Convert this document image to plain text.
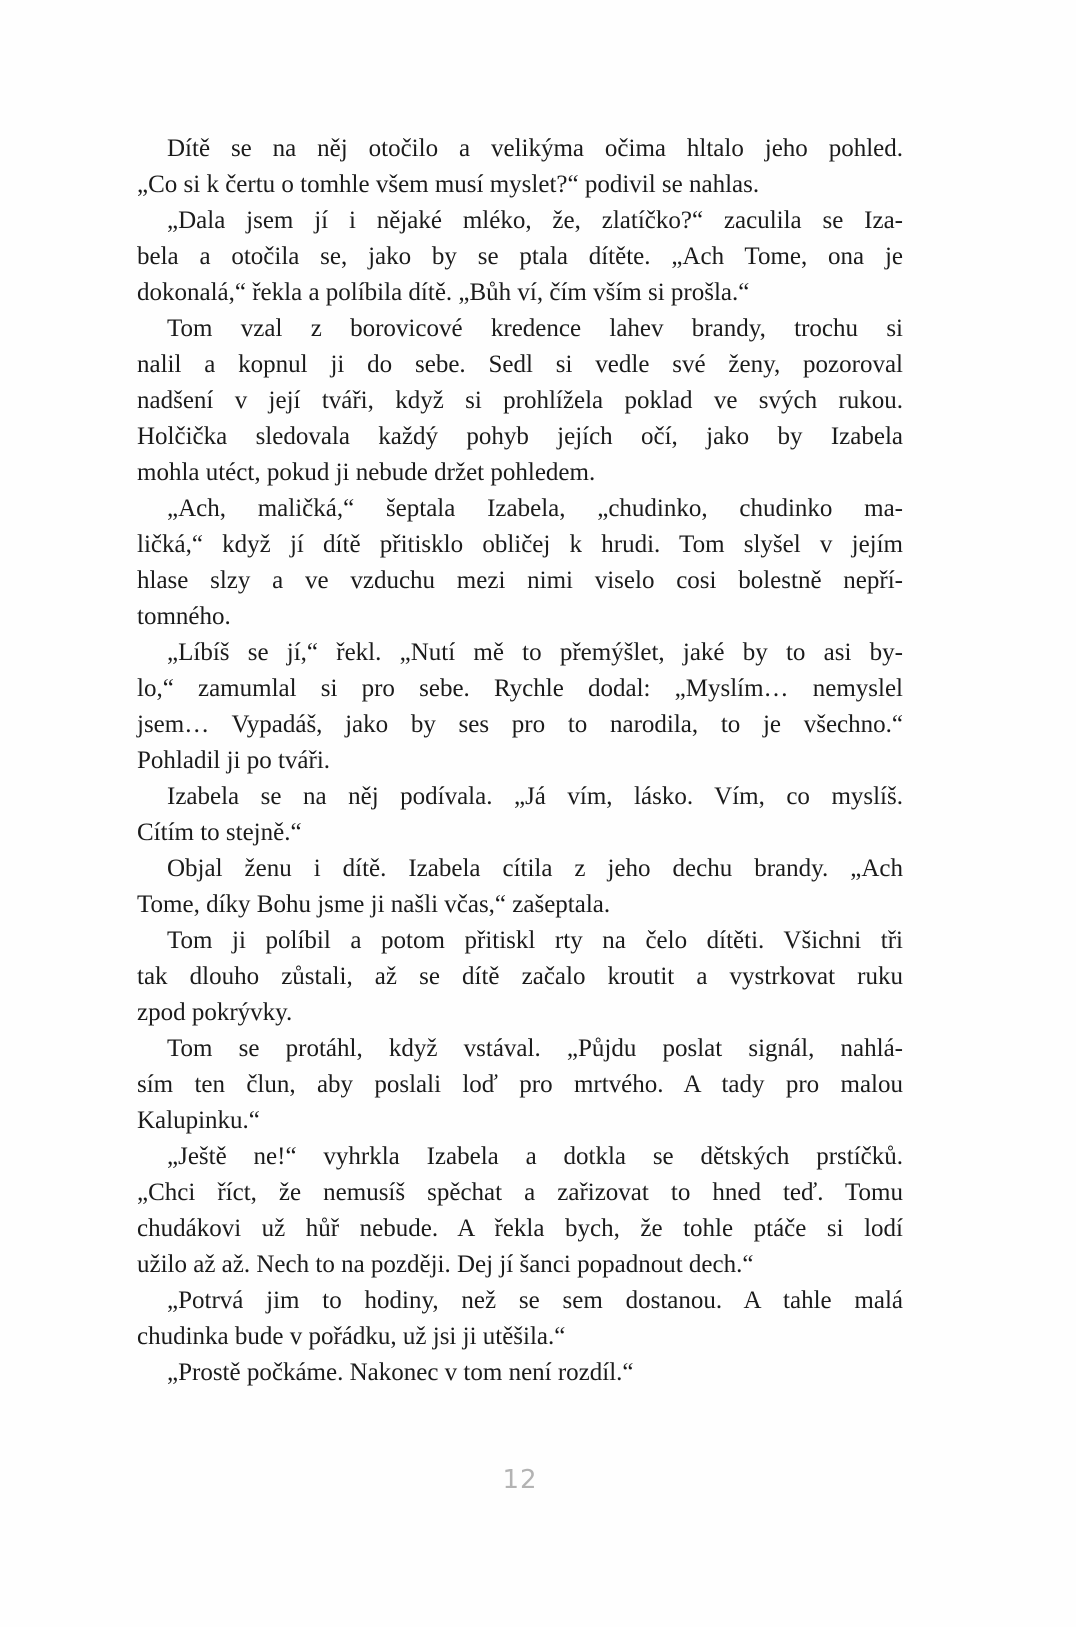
Dítě se na něj otočilo a velikýma očima hltalo jeho pohled.
„Co si k čertu o tomhle všem musí myslet?“ podivil se nahlas.
„Dala jsem jí i nějaké mléko, že, zlatíčko?“ zaculila se Iza-
bela a otočila se, jako by se ptala dítěte. „Ach Tome, ona je
dokonalá,“ řekla a políbila dítě. „Bůh ví, čím vším si prošla.“
Tom vzal z borovicové kredence lahev brandy, trochu si
nalil a kopnul ji do sebe. Sedl si vedle své ženy, pozoroval
nadšení v její tváři, když si prohlížela poklad ve svých rukou.
Holčička sledovala každý pohyb jejích očí, jako by Izabela
mohla utéct, pokud ji nebude držet pohledem.
„Ach, maličká,“ šeptala Izabela, „chudinko, chudinko ma-
ličká,“ když jí dítě přitisklo obličej k hrudi. Tom slyšel v jejím
hlase slzy a ve vzduchu mezi nimi viselo cosi bolestně nepří-
tomného.
„Líbíš se jí,“ řekl. „Nutí mě to přemýšlet, jaké by to asi by-
lo,“ zamumlal si pro sebe. Rychle dodal: „Myslím… nemyslel
jsem… Vypadáš, jako by ses pro to narodila, to je všechno.“
Pohladil ji po tváři.
Izabela se na něj podívala. „Já vím, lásko. Vím, co myslíš.
Cítím to stejně.“
Objal ženu i dítě. Izabela cítila z jeho dechu brandy. „Ach
Tome, díky Bohu jsme ji našli včas,“ zašeptala.
Tom ji políbil a potom přitiskl rty na čelo dítěti. Všichni tři
tak dlouho zůstali, až se dítě začalo kroutit a vystrkovat ruku
zpod pokrývky.
Tom se protáhl, když vstával. „Půjdu poslat signál, nahlá-
sím ten člun, aby poslali loď pro mrtvého. A tady pro malou
Kalupinku.“
„Ještě ne!“ vyhrkla Izabela a dotkla se dětských prstíčků.
„Chci říct, že nemusíš spěchat a zařizovat to hned teď. Tomu
chudákovi už hůř nebude. A řekla bych, že tohle ptáče si lodí
užilo až až. Nech to na později. Dej jí šanci popadnout dech.“
„Potrvá jim to hodiny, než se sem dostanou. A tahle malá
chudinka bude v pořádku, už jsi ji utěšila.“
„Prostě počkáme. Nakonec v tom není rozdíl.“
12
